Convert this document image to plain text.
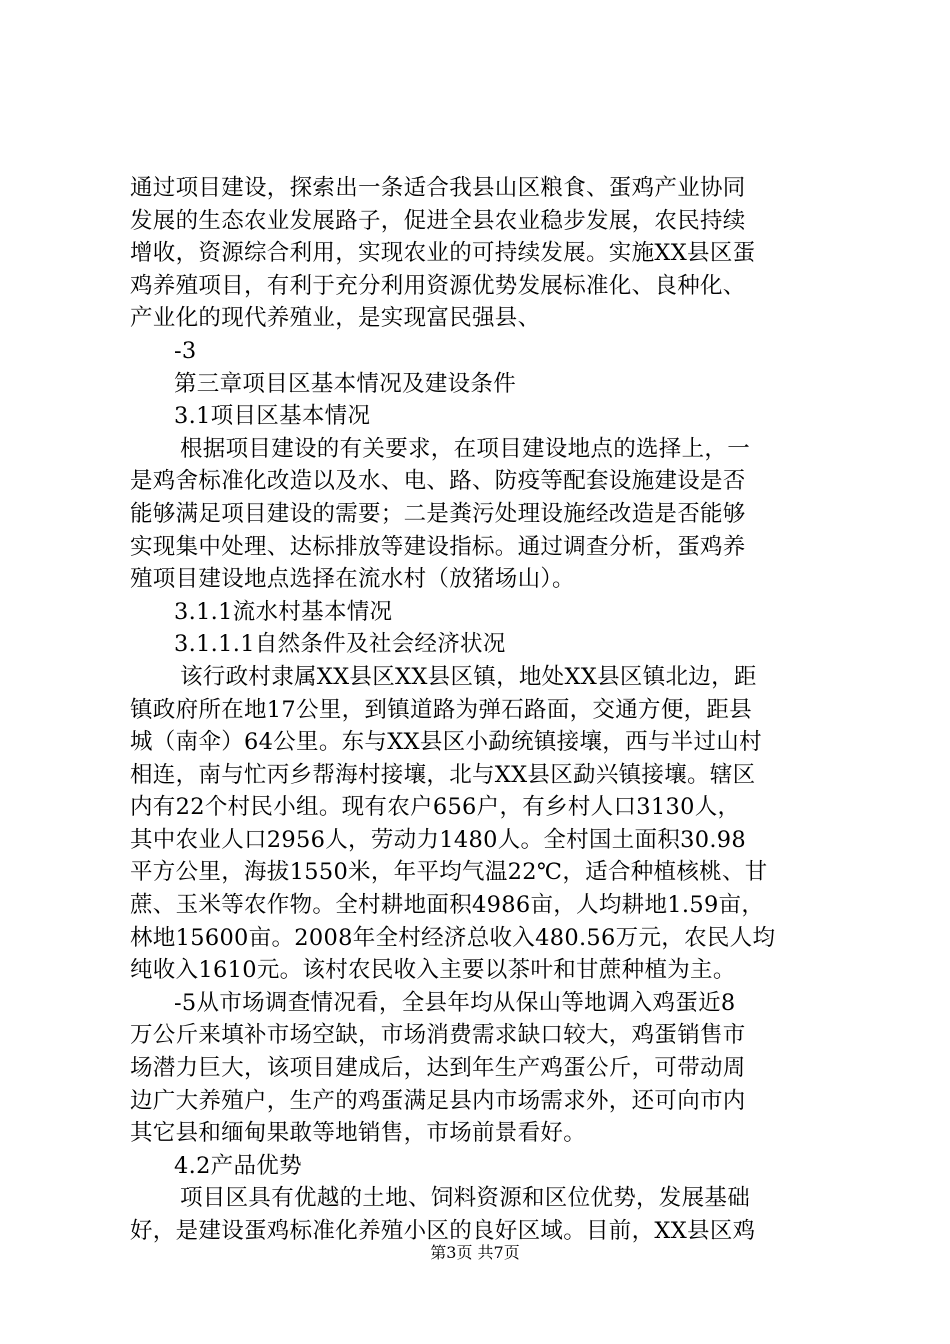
通过项目建设，探索出一条适合我县山区粮食、蛋鸡产业协同
发展的生态农业发展路子，促进全县农业稳步发展，农民持续
增收，资源综合利用，实现农业的可持续发展。实施XX县区蛋
鸡养殖项目，有利于充分利用资源优势发展标准化、良种化、
产业化的现代养殖业，是实现富民强县、
-3
第三章项目区基本情况及建设条件
3.1项目区基本情况
根据项目建设的有关要求，在项目建设地点的选择上，一
是鸡舍标准化改造以及水、电、路、防疫等配套设施建设是否
能够满足项目建设的需要；二是粪污处理设施经改造是否能够
实现集中处理、达标排放等建设指标。通过调查分析，蛋鸡养
殖项目建设地点选择在流水村（放猪场山）。
3.1.1流水村基本情况
3.1.1.1自然条件及社会经济状况
该行政村隶属XX县区XX县区镇，地处XX县区镇北边，距
镇政府所在地17公里，到镇道路为弹石路面，交通方便，距县
城（南伞）64公里。东与XX县区小勐统镇接壤，西与半过山村
相连，南与忙丙乡帮海村接壤，北与XX县区勐兴镇接壤。辖区
内有22个村民小组。现有农户656户，有乡村人口3130人，
其中农业人口2956人，劳动力1480人。全村国土面积30.98
平方公里，海拔1550米，年平均气温22℃，适合种植核桃、甘
蔗、玉米等农作物。全村耕地面积4986亩，人均耕地1.59亩，
林地15600亩。2008年全村经济总收入480.56万元，农民人均
纯收入1610元。该村农民收入主要以茶叶和甘蔗种植为主。
-5从市场调查情况看，全县年均从保山等地调入鸡蛋近8
万公斤来填补市场空缺，市场消费需求缺口较大，鸡蛋销售市
场潜力巨大，该项目建成后，达到年生产鸡蛋公斤，可带动周
边广大养殖户，生产的鸡蛋满足县内市场需求外，还可向市内
其它县和缅甸果敢等地销售，市场前景看好。
4.2产品优势
项目区具有优越的土地、饲料资源和区位优势，发展基础
好，是建设蛋鸡标准化养殖小区的良好区域。目前，XX县区鸡
第3页 共7页
